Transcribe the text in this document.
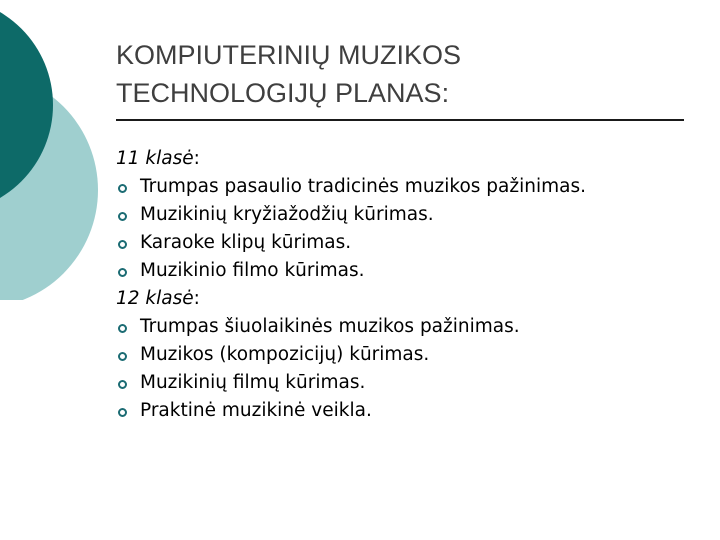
KOMPIUTERINIŲ MUZIKOS
TECHNOLOGIJŲ PLANAS:
11 klasė:
Trumpas pasaulio tradicinės muzikos pažinimas.
Muzikinių kryžiažodžių kūrimas.
Karaoke klipų kūrimas.
Muzikinio filmo kūrimas.
12 klasė:
Trumpas šiuolaikinės muzikos pažinimas.
Muzikos (kompozicijų) kūrimas.
Muzikinių filmų kūrimas.
Praktinė muzikinė veikla.
